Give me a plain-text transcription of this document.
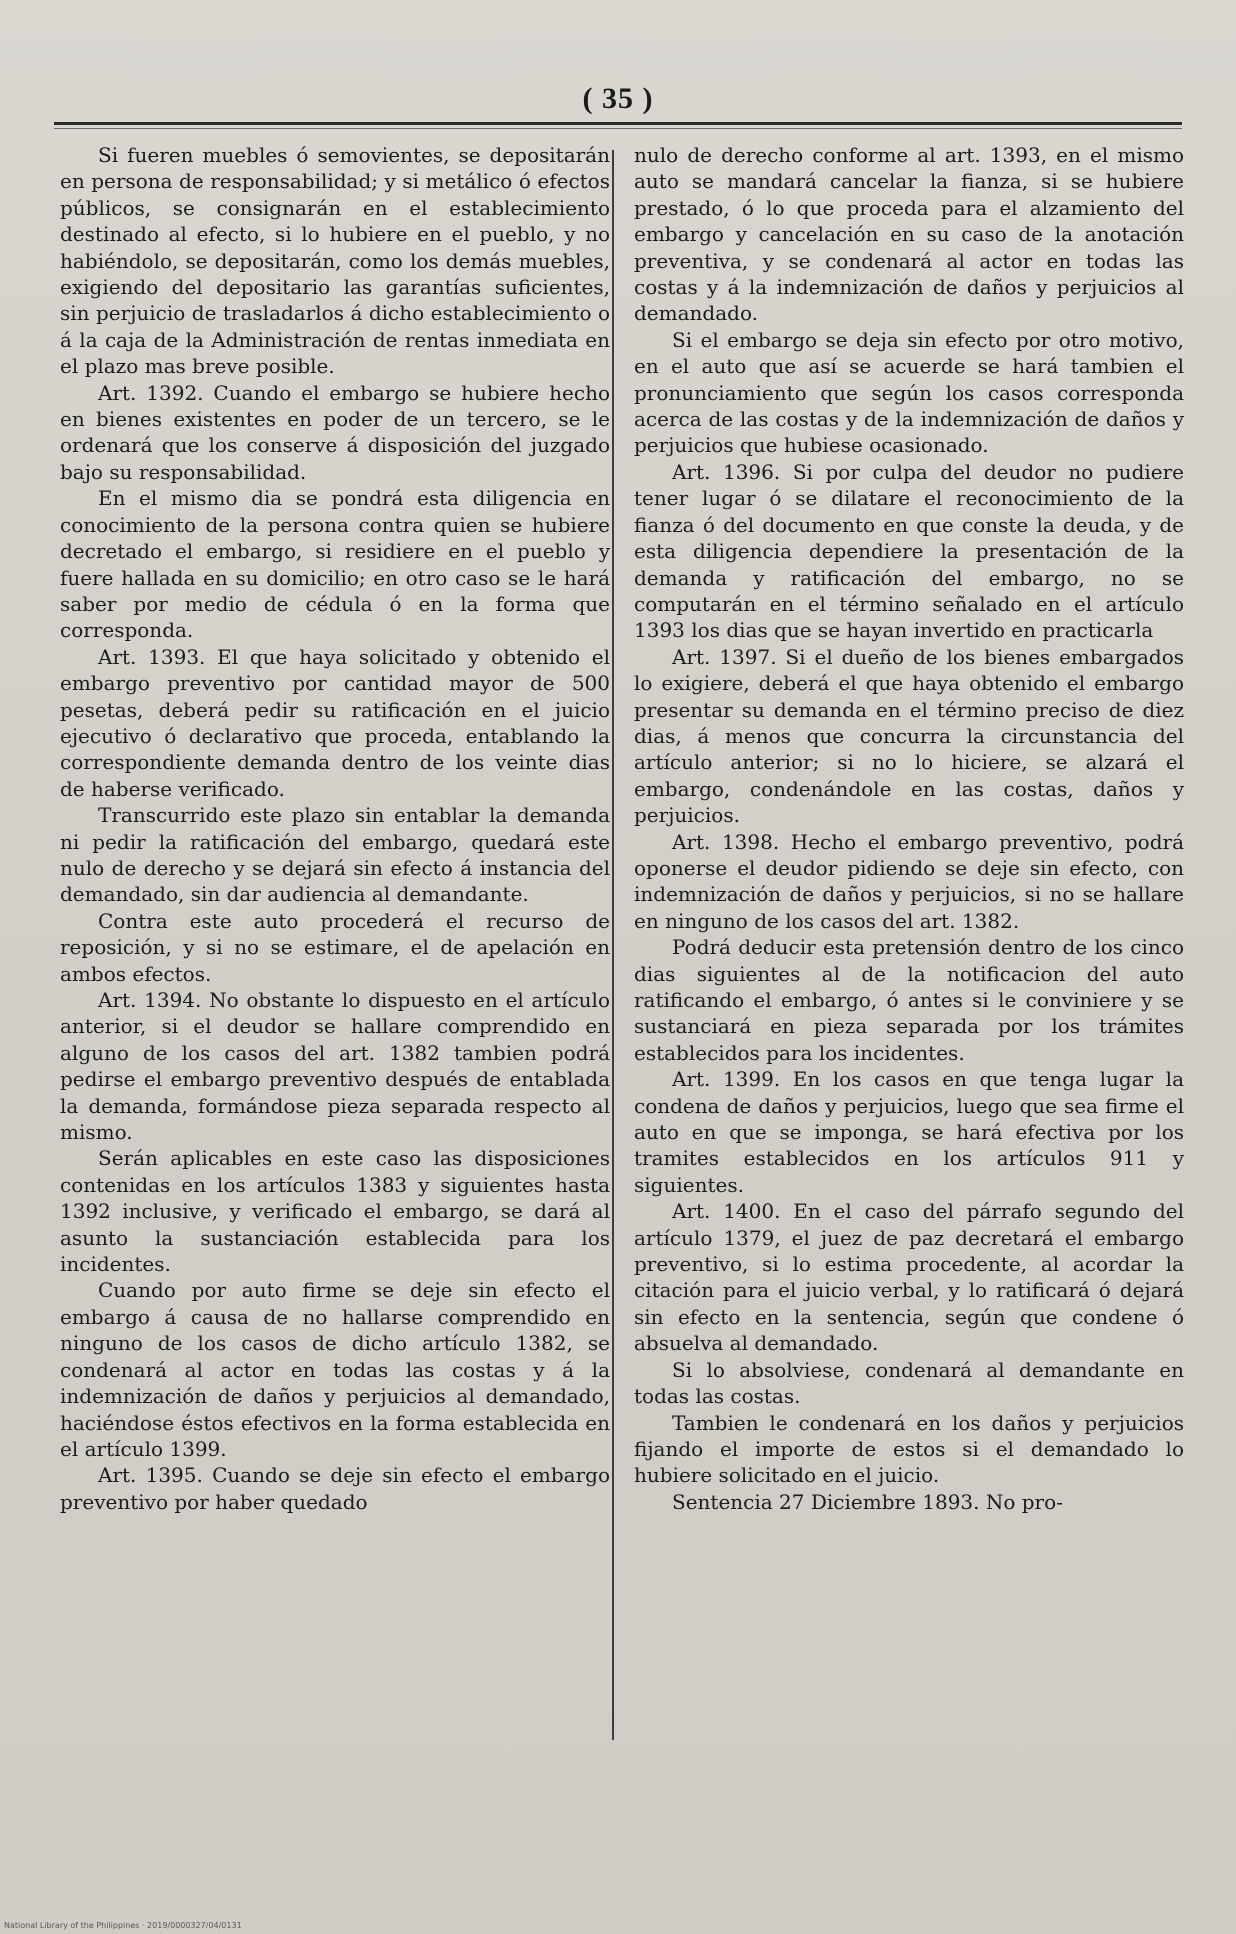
( 35 )

Si fueren muebles ó semovientes, se depositarán en persona de responsabilidad; y si metálico ó efectos públicos, se consignarán en el establecimiento destinado al efecto, si lo hubiere en el pueblo, y no habiéndolo, se depositarán, como los demás muebles, exigiendo del depositario las garantías suficientes, sin perjuicio de trasladarlos á dicho establecimiento o á la caja de la Administración de rentas inmediata en el plazo mas breve posible.

Art. 1392. Cuando el embargo se hubiere hecho en bienes existentes en poder de un tercero, se le ordenará que los conserve á disposición del juzgado bajo su responsabilidad.

En el mismo dia se pondrá esta diligencia en conocimiento de la persona contra quien se hubiere decretado el embargo, si residiere en el pueblo y fuere hallada en su domicilio; en otro caso se le hará saber por medio de cédula ó en la forma que corresponda.

Art. 1393. El que haya solicitado y obtenido el embargo preventivo por cantidad mayor de 500 pesetas, deberá pedir su ratificación en el juicio ejecutivo ó declarativo que proceda, entablando la correspondiente demanda dentro de los veinte dias de haberse verificado.

Transcurrido este plazo sin entablar la demanda ni pedir la ratificación del embargo, quedará este nulo de derecho y se dejará sin efecto á instancia del demandado, sin dar audiencia al demandante.

Contra este auto procederá el recurso de reposición, y si no se estimare, el de apelación en ambos efectos.

Art. 1394. No obstante lo dispuesto en el artículo anterior, si el deudor se hallare comprendido en alguno de los casos del art. 1382 tambien podrá pedirse el embargo preventivo después de entablada la demanda, formándose pieza separada respecto al mismo.

Serán aplicables en este caso las disposiciones contenidas en los artículos 1383 y siguientes hasta 1392 inclusive, y verificado el embargo, se dará al asunto la sustanciación establecida para los incidentes.

Cuando por auto firme se deje sin efecto el embargo á causa de no hallarse comprendido en ninguno de los casos de dicho artículo 1382, se condenará al actor en todas las costas y á la indemnización de daños y perjuicios al demandado, haciéndose éstos efectivos en la forma establecida en el artículo 1399.

Art. 1395. Cuando se deje sin efecto el embargo preventivo por haber quedado

nulo de derecho conforme al art. 1393, en el mismo auto se mandará cancelar la fianza, si se hubiere prestado, ó lo que proceda para el alzamiento del embargo y cancelación en su caso de la anotación preventiva, y se condenará al actor en todas las costas y á la indemnización de daños y perjuicios al demandado.

Si el embargo se deja sin efecto por otro motivo, en el auto que así se acuerde se hará tambien el pronunciamiento que según los casos corresponda acerca de las costas y de la indemnización de daños y perjuicios que hubiese ocasionado.

Art. 1396. Si por culpa del deudor no pudiere tener lugar ó se dilatare el reconocimiento de la fianza ó del documento en que conste la deuda, y de esta diligencia dependiere la presentación de la demanda y ratificación del embargo, no se computarán en el término señalado en el artículo 1393 los dias que se hayan invertido en practicarla

Art. 1397. Si el dueño de los bienes embargados lo exigiere, deberá el que haya obtenido el embargo presentar su demanda en el término preciso de diez dias, á menos que concurra la circunstancia del artículo anterior; si no lo hiciere, se alzará el embargo, condenándole en las costas, daños y perjuicios.

Art. 1398. Hecho el embargo preventivo, podrá oponerse el deudor pidiendo se deje sin efecto, con indemnización de daños y perjuicios, si no se hallare en ninguno de los casos del art. 1382.

Podrá deducir esta pretensión dentro de los cinco dias siguientes al de la notificacion del auto ratificando el embargo, ó antes si le conviniere y se sustanciará en pieza separada por los trámites establecidos para los incidentes.

Art. 1399. En los casos en que tenga lugar la condena de daños y perjuicios, luego que sea firme el auto en que se imponga, se hará efectiva por los tramites establecidos en los artículos 911 y siguientes.

Art. 1400. En el caso del párrafo segundo del artículo 1379, el juez de paz decretará el embargo preventivo, si lo estima procedente, al acordar la citación para el juicio verbal, y lo ratificará ó dejará sin efecto en la sentencia, según que condene ó absuelva al demandado.

Si lo absolviese, condenará al demandante en todas las costas.

Tambien le condenará en los daños y perjuicios fijando el importe de estos si el demandado lo hubiere solicitado en el juicio.

Sentencia 27 Diciembre 1893. No pro-

National Library of the Philippines · 2019/0000327/04/0131
